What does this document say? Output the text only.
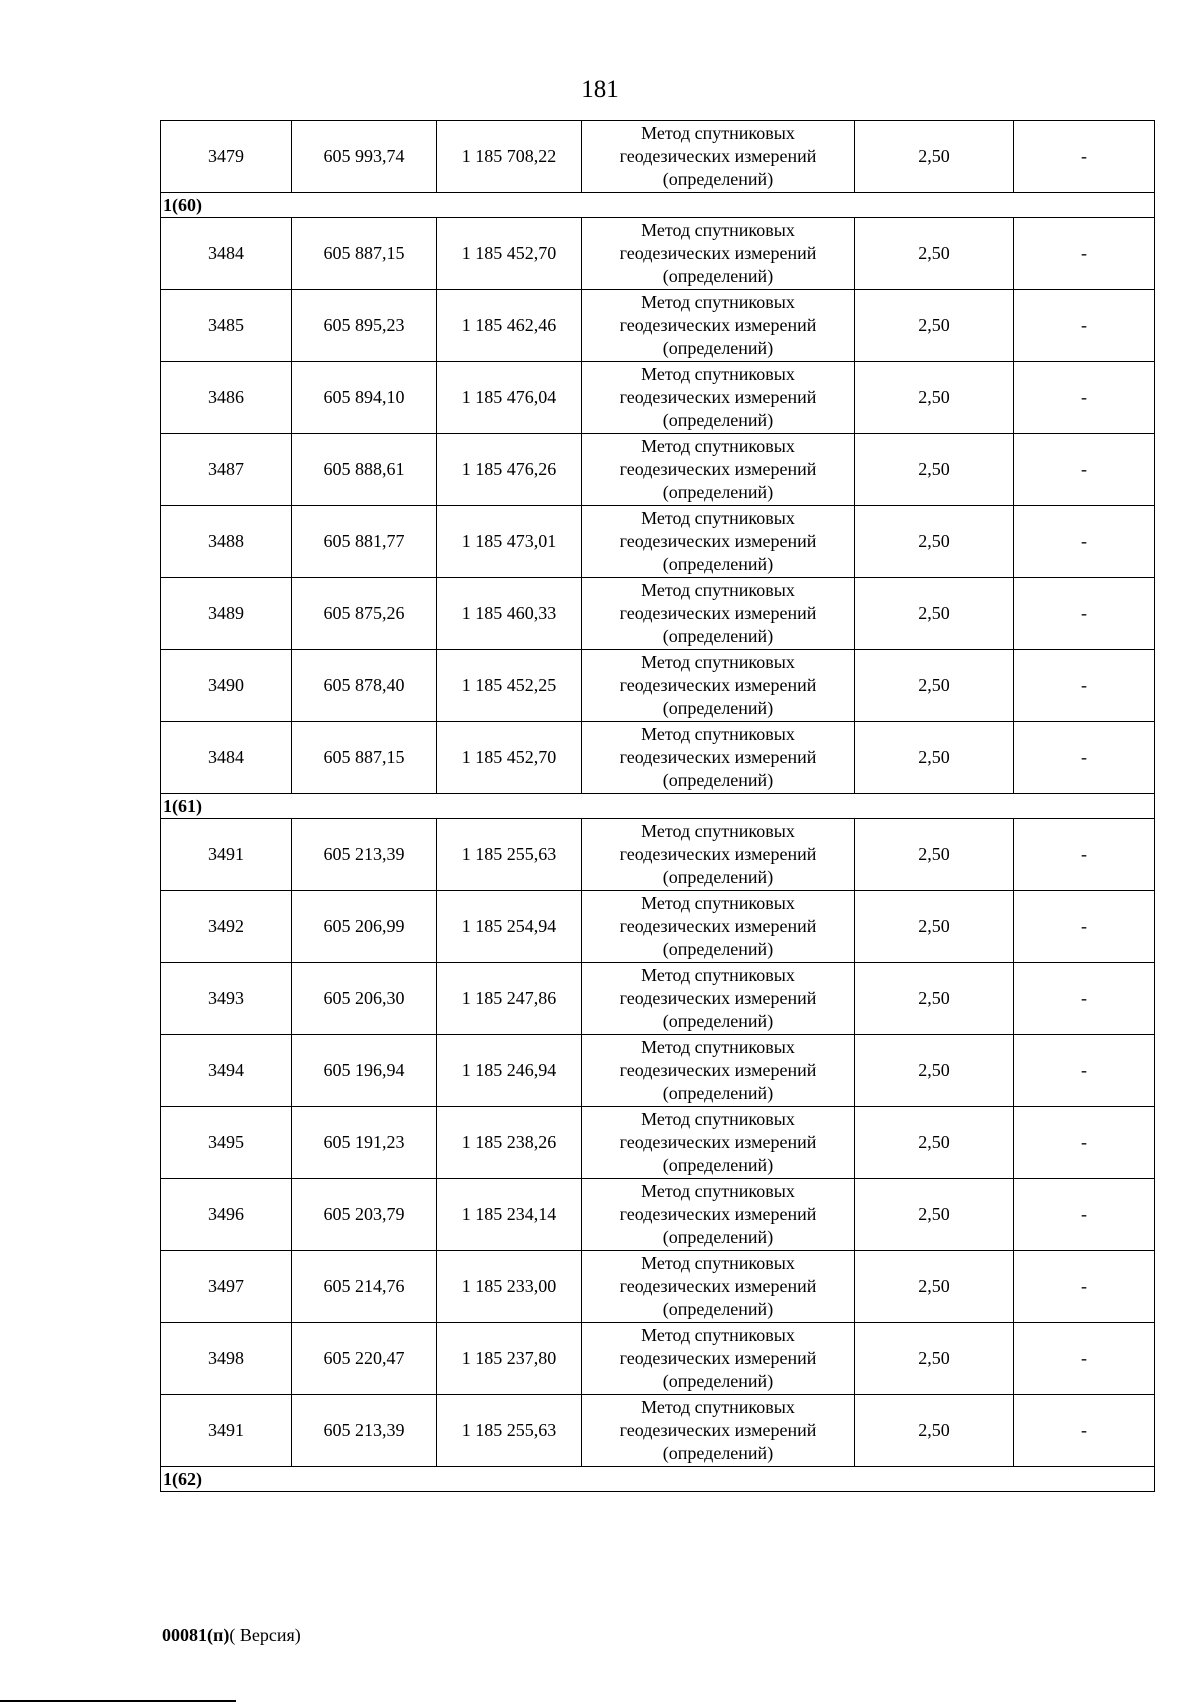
181
3479	605 993,74	1 185 708,22	Метод спутниковых
геодезических измерений
(определений)	2,50	-
1(60)					
3484	605 887,15	1 185 452,70	Метод спутниковых
геодезических измерений
(определений)	2,50	-
3485	605 895,23	1 185 462,46	Метод спутниковых
геодезических измерений
(определений)	2,50	-
3486	605 894,10	1 185 476,04	Метод спутниковых
геодезических измерений
(определений)	2,50	-
3487	605 888,61	1 185 476,26	Метод спутниковых
геодезических измерений
(определений)	2,50	-
3488	605 881,77	1 185 473,01	Метод спутниковых
геодезических измерений
(определений)	2,50	-
3489	605 875,26	1 185 460,33	Метод спутниковых
геодезических измерений
(определений)	2,50	-
3490	605 878,40	1 185 452,25	Метод спутниковых
геодезических измерений
(определений)	2,50	-
3484	605 887,15	1 185 452,70	Метод спутниковых
геодезических измерений
(определений)	2,50	-
1(61)					
3491	605 213,39	1 185 255,63	Метод спутниковых
геодезических измерений
(определений)	2,50	-
3492	605 206,99	1 185 254,94	Метод спутниковых
геодезических измерений
(определений)	2,50	-
3493	605 206,30	1 185 247,86	Метод спутниковых
геодезических измерений
(определений)	2,50	-
3494	605 196,94	1 185 246,94	Метод спутниковых
геодезических измерений
(определений)	2,50	-
3495	605 191,23	1 185 238,26	Метод спутниковых
геодезических измерений
(определений)	2,50	-
3496	605 203,79	1 185 234,14	Метод спутниковых
геодезических измерений
(определений)	2,50	-
3497	605 214,76	1 185 233,00	Метод спутниковых
геодезических измерений
(определений)	2,50	-
3498	605 220,47	1 185 237,80	Метод спутниковых
геодезических измерений
(определений)	2,50	-
3491	605 213,39	1 185 255,63	Метод спутниковых
геодезических измерений
(определений)	2,50	-
1(62)					
00081(п)( Версия)
